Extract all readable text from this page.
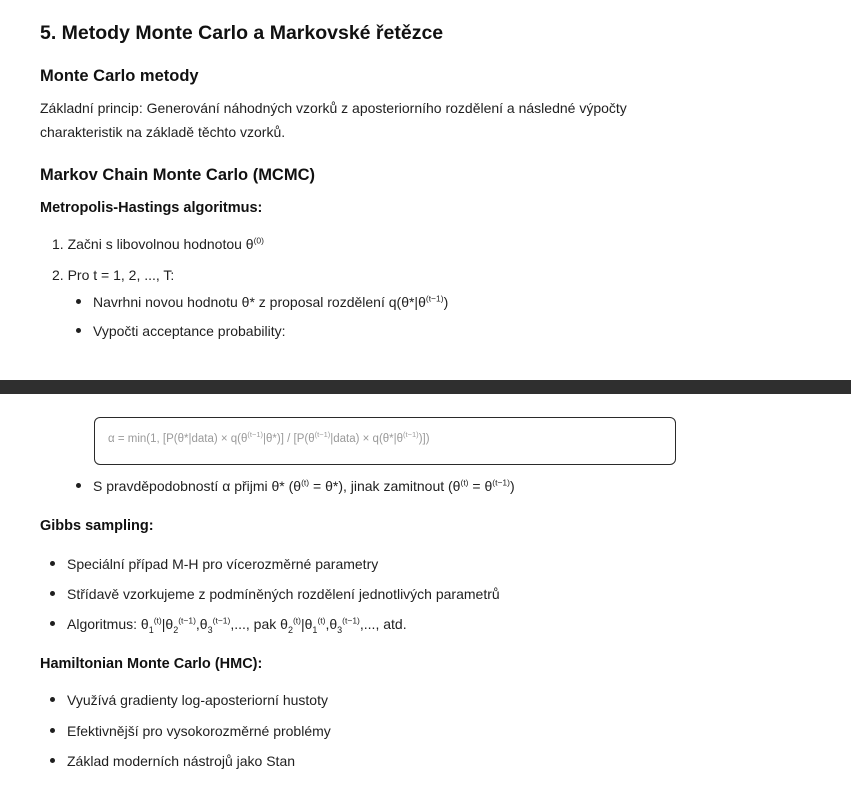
5. Metody Monte Carlo a Markovské řetězce
Monte Carlo metody
Základní princip: Generování náhodných vzorků z aposteriorního rozdělení a následné výpočty
charakteristik na základě těchto vzorků.
Markov Chain Monte Carlo (MCMC)
Metropolis-Hastings algoritmus:
1. Začni s libovolnou hodnotou $\theta^{(0)}$
2. Pro t = 1, 2, ..., T:
Navrhni novou hodnotu θ* z proposal rozdělení $q(\theta*|\theta^{(t-1)})$
Vypočti acceptance probability:
α = min(1, [P(θ*|data) × $q(\theta^{(t-1)}|\theta*)$] / $[P(\theta^{(t-1)}|data) \times q(\theta*|\theta^{(t-1)})]$)
S pravděpodobností α přijmi θ* $(\theta^{(t)} = \theta*)$, jinak zamitnout $(\theta^{(t)} = \theta^{(t-1)})$
Gibbs sampling:
Speciální případ M-H pro vícerozměrné parametry
Střídavě vzorkujeme z podmíněných rozdělení jednotlivých parametrů
Algoritmus: $\theta_1^{(t)}|\theta_2^{(t-1)},\theta_3^{(t-1)}$,..., pak $\theta_2^{(t)}|\theta_1^{(t)},\theta_3^{(t-1)}$,..., atd.
Hamiltonian Monte Carlo (HMC):
Využívá gradienty log-aposteriorní hustoty
Efektivnější pro vysokorozměrné problémy
Základ moderních nástrojů jako Stan
